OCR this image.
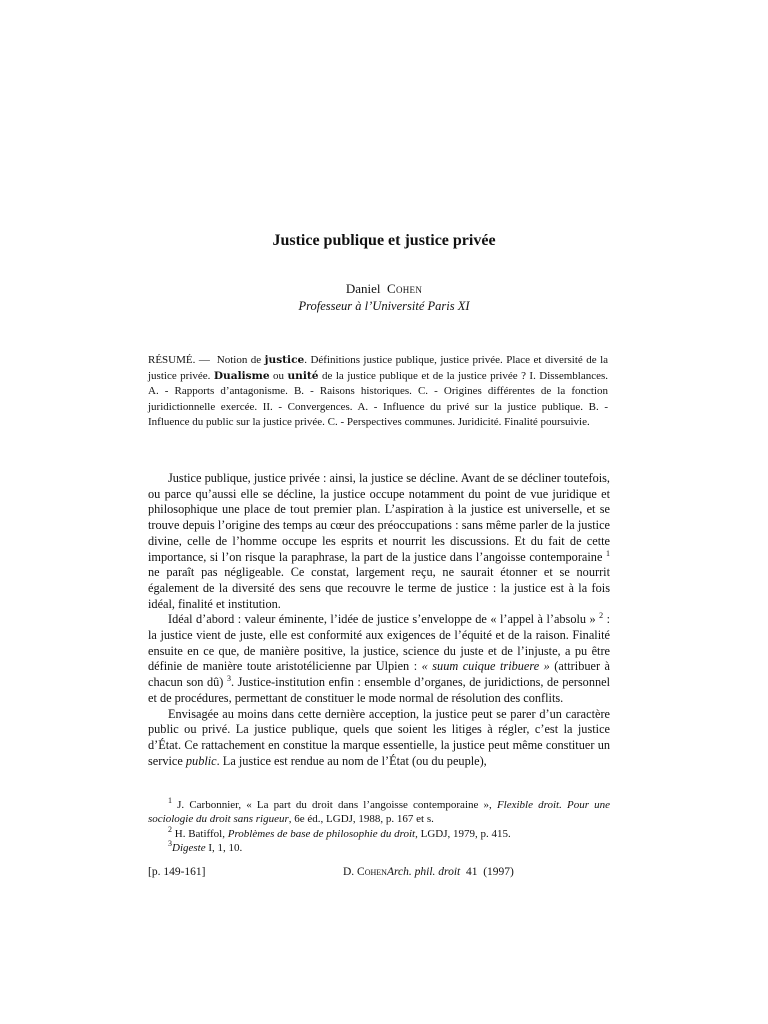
Justice publique et justice privée
Daniel Cohen
Professeur à l’Université Paris XI
RÉSUMÉ. — Notion de justice. Définitions justice publique, justice privée. Place et diversité de la justice privée. Dualisme ou unité de la justice publique et de la justice privée ? I. Dissemblances. A. - Rapports d’antagonisme. B. - Raisons historiques. C. - Origines différentes de la fonction juridictionnelle exercée. II. - Convergences. A. - Influence du privé sur la justice publique. B. - Influence du public sur la justice privée. C. - Perspectives communes. Juridicité. Finalité poursuivie.

Justice publique, justice privée : ainsi, la justice se décline. Avant de se décliner toutefois, ou parce qu’aussi elle se décline, la justice occupe notamment du point de vue juridique et philosophique une place de tout premier plan. L’aspiration à la justice est universelle, et se trouve depuis l’origine des temps au cœur des préoccupations : sans même parler de la justice divine, celle de l’homme occupe les esprits et nourrit les discussions. Et du fait de cette importance, si l’on risque la paraphrase, la part de la justice dans l’angoisse contemporaine $^1$ ne paraît pas négligeable. Ce constat, largement reçu, ne saurait étonner et se nourrit également de la diversité des sens que recouvre le terme de justice : la justice est à la fois idéal, finalité et institution.

Idéal d’abord : valeur éminente, l’idée de justice s’enveloppe de « l’appel à l’absolu » $^2$ : la justice vient de juste, elle est conformité aux exigences de l’équité et de la raison. Finalité ensuite en ce que, de manière positive, la justice, science du juste et de l’injuste, a pu être définie de manière toute aristotélicienne par Ulpien : « suum cuique tribuere » (attribuer à chacun son dû) $^3$. Justice-institution enfin : ensemble d’organes, de juridictions, de personnel et de procédures, permettant de constituer le mode normal de résolution des conflits.

Envisagée au moins dans cette dernière acception, la justice peut se parer d’un caractère public ou privé. La justice publique, quels que soient les litiges à régler, c’est la justice d’État. Ce rattachement en constitue la marque essentielle, la justice peut même constituer un service public. La justice est rendue au nom de l’État (ou du peuple),

$^1$ J. Carbonnier, « La part du droit dans l’angoisse contemporaine », Flexible droit. Pour une sociologie du droit sans rigueur, 6e éd., LGDJ, 1988, p. 167 et s.

$^2$ H. Batiffol, Problèmes de base de philosophie du droit, LGDJ, 1979, p. 415.

$^3$Digeste I, 1, 10.

[p. 149-161]	D. CohenArch. phil. droit 41 (1997)
